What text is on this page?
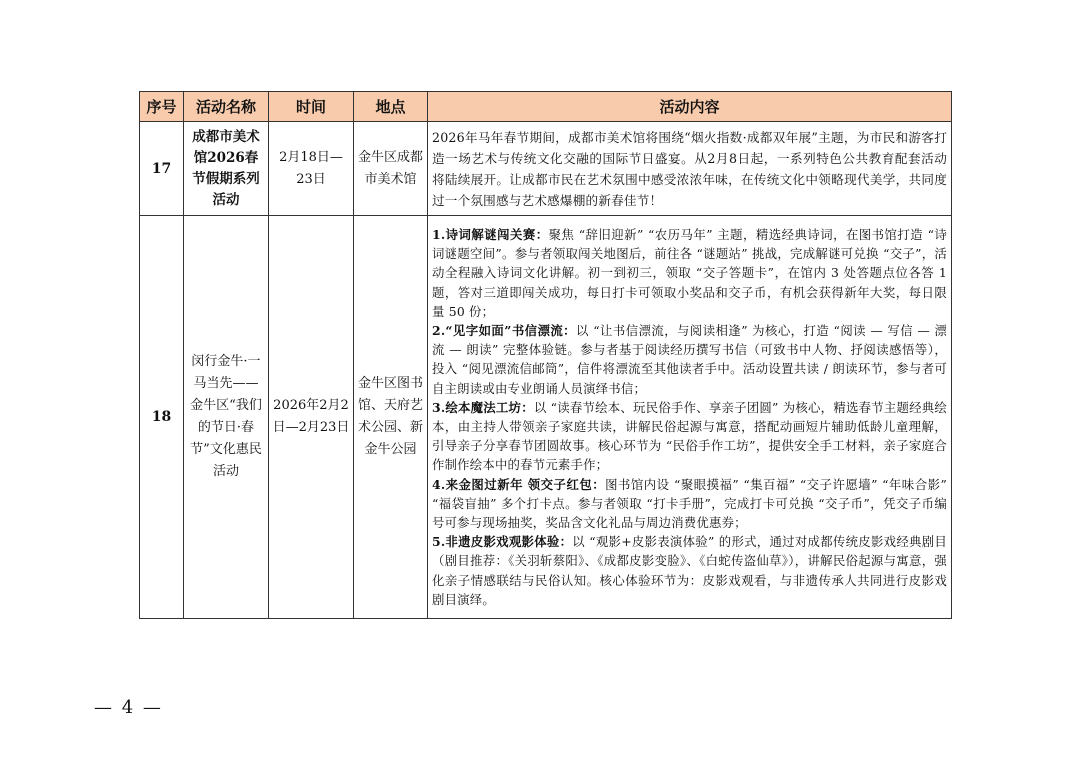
序号	活动名称	时间	地点	活动内容
17	成都市美术馆2026春节假期系列活动	2月18日—23日	金牛区成都市美术馆	2026年马年春节期间，成都市美术馆将围绕“烟火指数·成都双年展”主题，为市民和游客打造一场艺术与传统文化交融的国际节日盛宴。从2月8日起，一系列特色公共教育配套活动将陆续展开。让成都市民在艺术氛围中感受浓浓年味，在传统文化中领略现代美学，共同度过一个氛围感与艺术感爆棚的新春佳节！
18	闵行金牛·一马当先——金牛区“我们的节日·春节”文化惠民活动	2026年2月2日—2月23日	金牛区图书馆、天府艺术公园、新金牛公园	1.诗词解谜闯关赛：聚焦 “辞旧迎新” “农历马年” 主题，精选经典诗词，在图书馆打造 “诗词谜题空间”。参与者领取闯关地图后，前往各 “谜题站” 挑战，完成解谜可兑换 “交子”，活动全程融入诗词文化讲解。初一到初三，领取 “交子答题卡”，在馆内 3 处答题点位各答 1 题，答对三道即闯关成功，每日打卡可领取小奖品和交子币，有机会获得新年大奖，每日限量 50 份；

2.“见字如面”书信漂流：以 “让书信漂流，与阅读相逢” 为核心，打造 “阅读 — 写信 — 漂流 — 朗读” 完整体验链。参与者基于阅读经历撰写书信（可致书中人物、抒阅读感悟等），投入 “阅见漂流信邮筒”，信件将漂流至其他读者手中。活动设置共读 / 朗读环节，参与者可自主朗读或由专业朗诵人员演绎书信；

3.绘本魔法工坊：以 “读春节绘本、玩民俗手作、享亲子团圆” 为核心，精选春节主题经典绘本，由主持人带领亲子家庭共读，讲解民俗起源与寓意，搭配动画短片辅助低龄儿童理解，引导亲子分享春节团圆故事。核心环节为 “民俗手作工坊”，提供安全手工材料，亲子家庭合作制作绘本中的春节元素手作；

4.来金图过新年 领交子红包：图书馆内设 “聚眼摸福” “集百福” “交子许愿墙” “年味合影” “福袋盲抽” 多个打卡点。参与者领取 “打卡手册”，完成打卡可兑换 “交子币”，凭交子币编号可参与现场抽奖，奖品含文化礼品与周边消费优惠券；

5.非遗皮影戏观影体验：以 “观影+皮影表演体验” 的形式，通过对成都传统皮影戏经典剧目（剧目推荐：《关羽斩蔡阳》、《成都皮影变脸》、《白蛇传盗仙草》），讲解民俗起源与寓意，强化亲子情感联结与民俗认知。核心体验环节为：皮影戏观看，与非遗传承人共同进行皮影戏剧目演绎。

— 4 —
